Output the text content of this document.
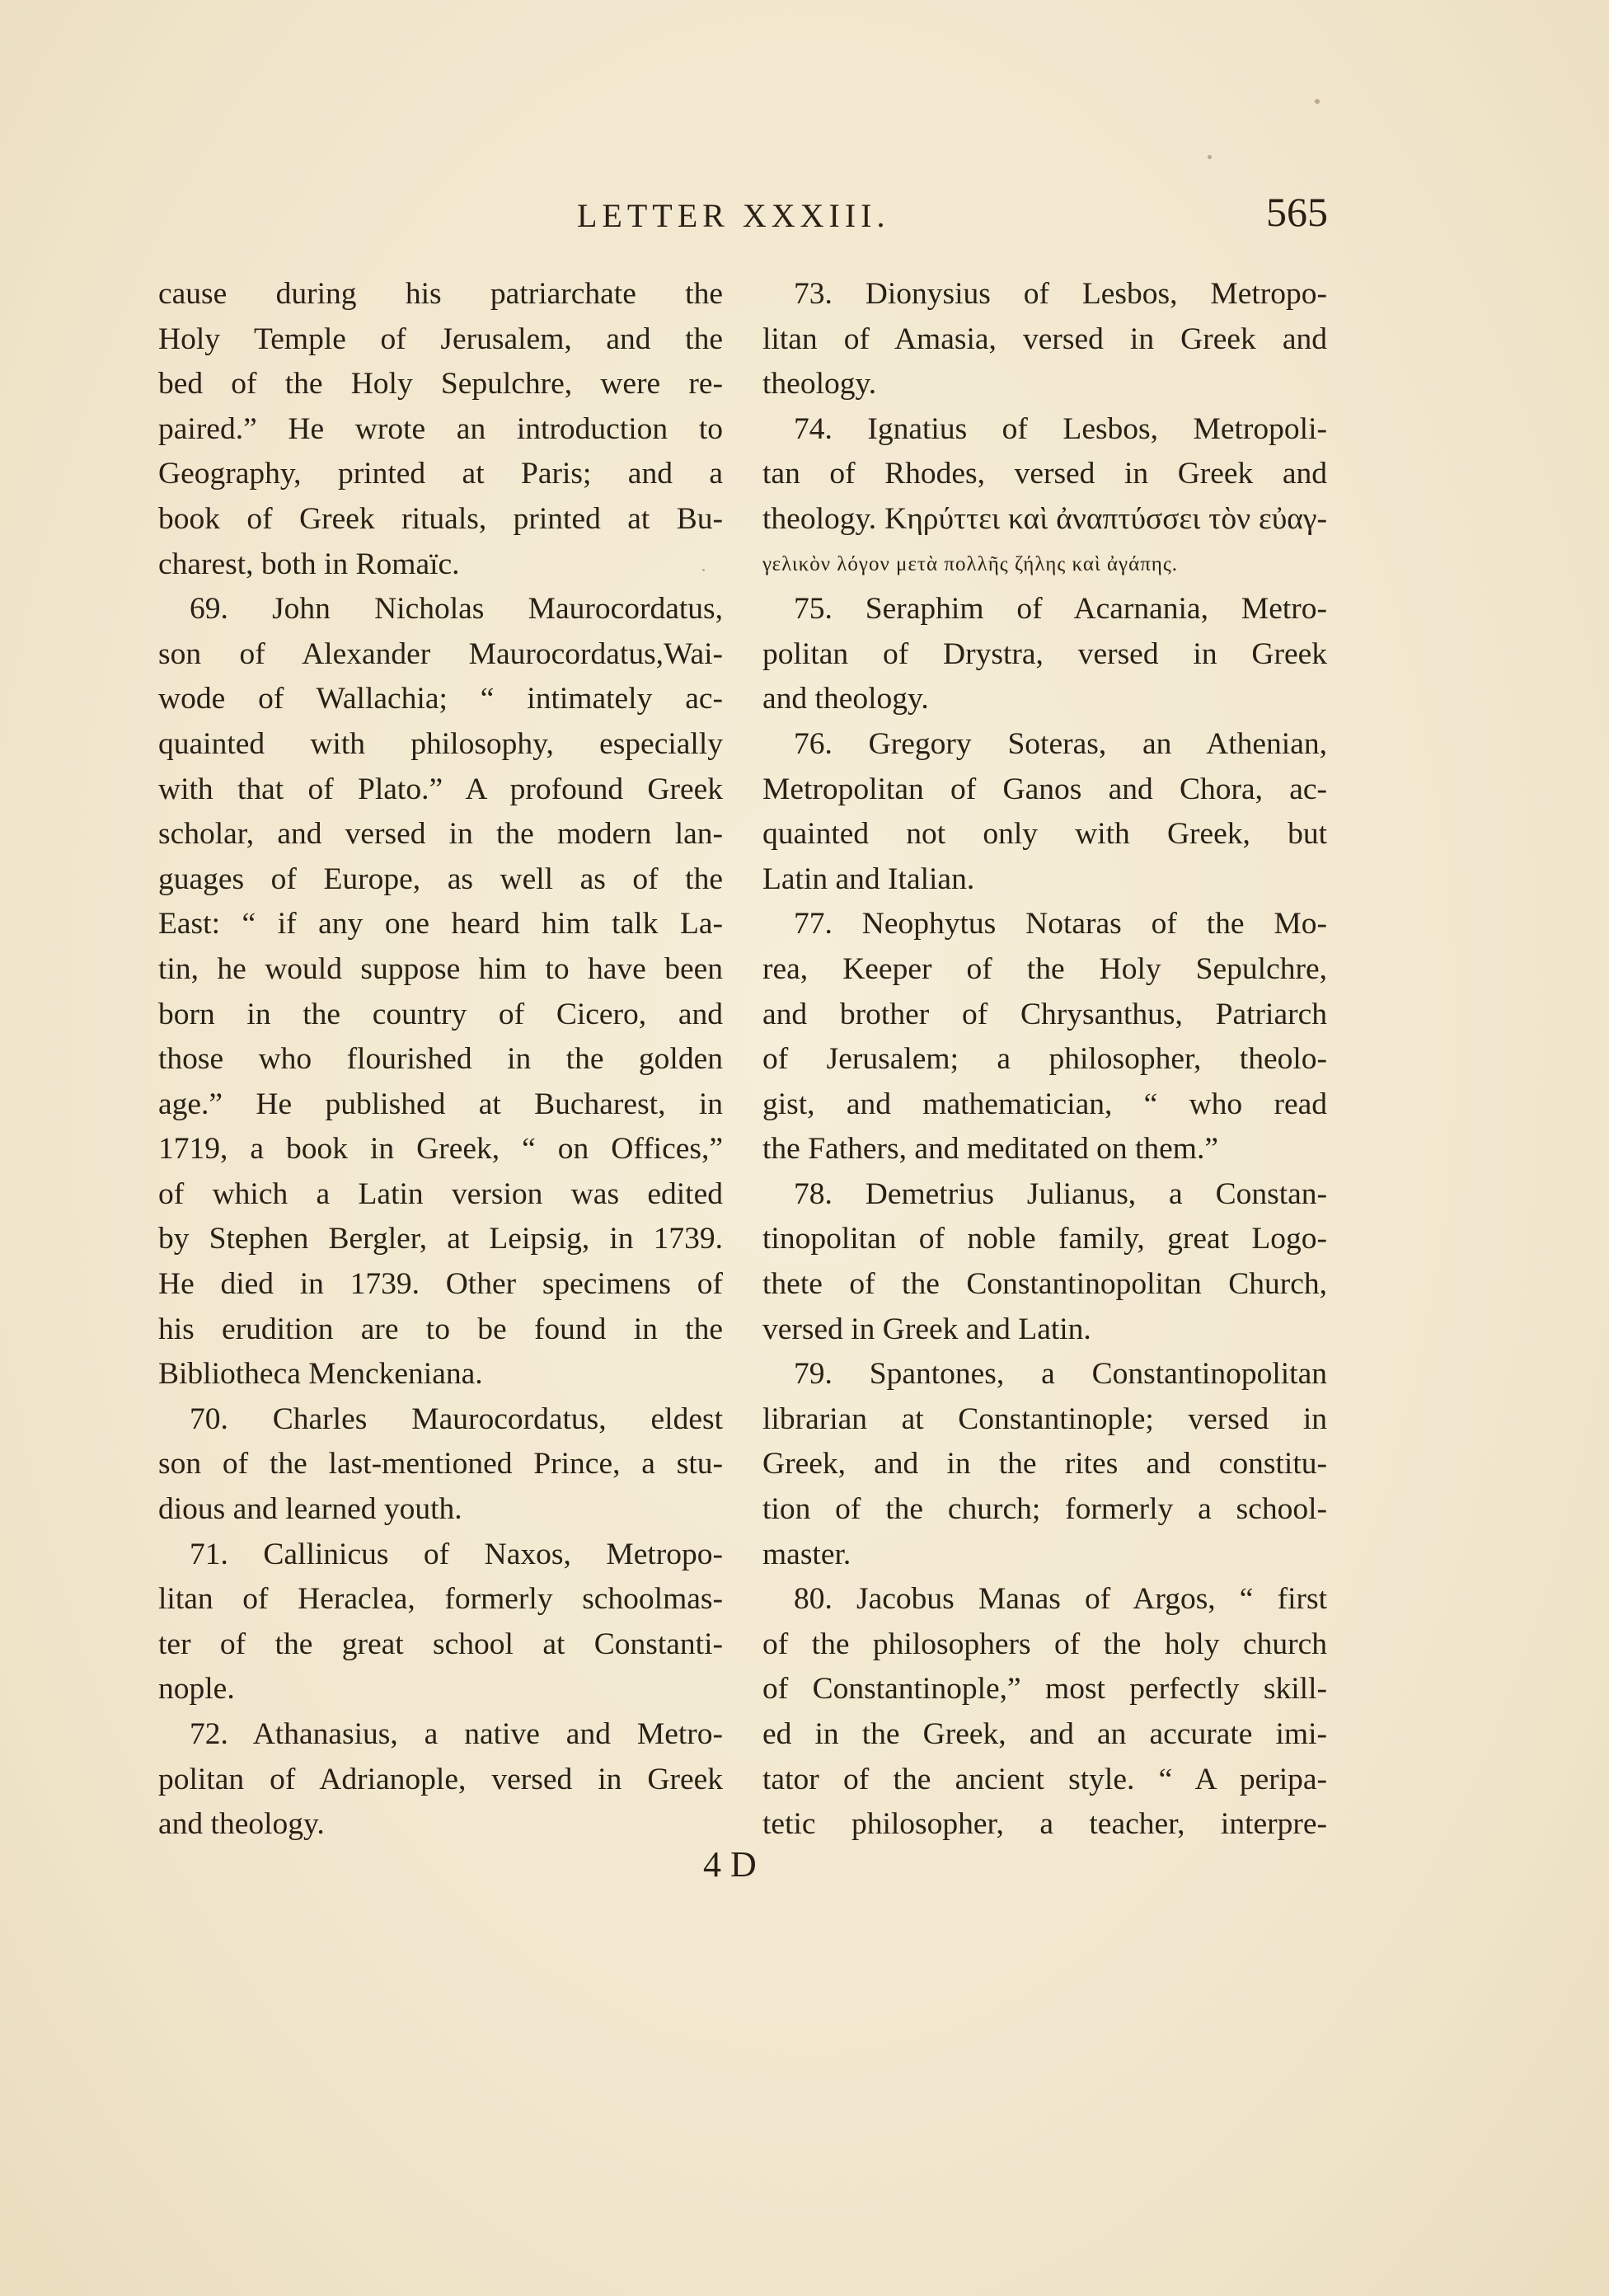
LETTER XXXIII.	565
cause during his patriarchate the
Holy Temple of Jerusalem, and the
bed of the Holy Sepulchre, were re-
paired.” He wrote an introduction to
Geography, printed at Paris; and a
book of Greek rituals, printed at Bu-
charest, both in Romaïc.
69. John Nicholas Maurocordatus,
son of Alexander Maurocordatus,Wai-
wode of Wallachia; “ intimately ac-
quainted with philosophy, especially
with that of Plato.” A profound Greek
scholar, and versed in the modern lan-
guages of Europe, as well as of the
East: “ if any one heard him talk La-
tin, he would suppose him to have been
born in the country of Cicero, and
those who flourished in the golden
age.” He published at Bucharest, in
1719, a book in Greek, “ on Offices,”
of which a Latin version was edited
by Stephen Bergler, at Leipsig, in 1739.
He died in 1739. Other specimens of
his erudition are to be found in the
Bibliotheca Menckeniana.
70. Charles Maurocordatus, eldest
son of the last-mentioned Prince, a stu-
dious and learned youth.
71. Callinicus of Naxos, Metropo-
litan of Heraclea, formerly schoolmas-
ter of the great school at Constanti-
nople.
72. Athanasius, a native and Metro-
politan of Adrianople, versed in Greek
and theology.
73. Dionysius of Lesbos, Metropo-
litan of Amasia, versed in Greek and
theology.
74. Ignatius of Lesbos, Metropoli-
tan of Rhodes, versed in Greek and
theology. Κηρύττει καὶ ἀναπτύσσει τὸν εὐαγ-
γελικὸν λόγον μετὰ πολλῆς ζήλης καὶ ἀγάπης.
75. Seraphim of Acarnania, Metro-
politan of Drystra, versed in Greek
and theology.
76. Gregory Soteras, an Athenian,
Metropolitan of Ganos and Chora, ac-
quainted not only with Greek, but
Latin and Italian.
77. Neophytus Notaras of the Mo-
rea, Keeper of the Holy Sepulchre,
and brother of Chrysanthus, Patriarch
of Jerusalem; a philosopher, theolo-
gist, and mathematician, “ who read
the Fathers, and meditated on them.”
78. Demetrius Julianus, a Constan-
tinopolitan of noble family, great Logo-
thete of the Constantinopolitan Church,
versed in Greek and Latin.
79. Spantones, a Constantinopolitan
librarian at Constantinople; versed in
Greek, and in the rites and constitu-
tion of the church; formerly a school-
master.
80. Jacobus Manas of Argos, “ first
of the philosophers of the holy church
of Constantinople,” most perfectly skill-
ed in the Greek, and an accurate imi-
tator of the ancient style. “ A peripa-
tetic philosopher, a teacher, interpre-
4 D
